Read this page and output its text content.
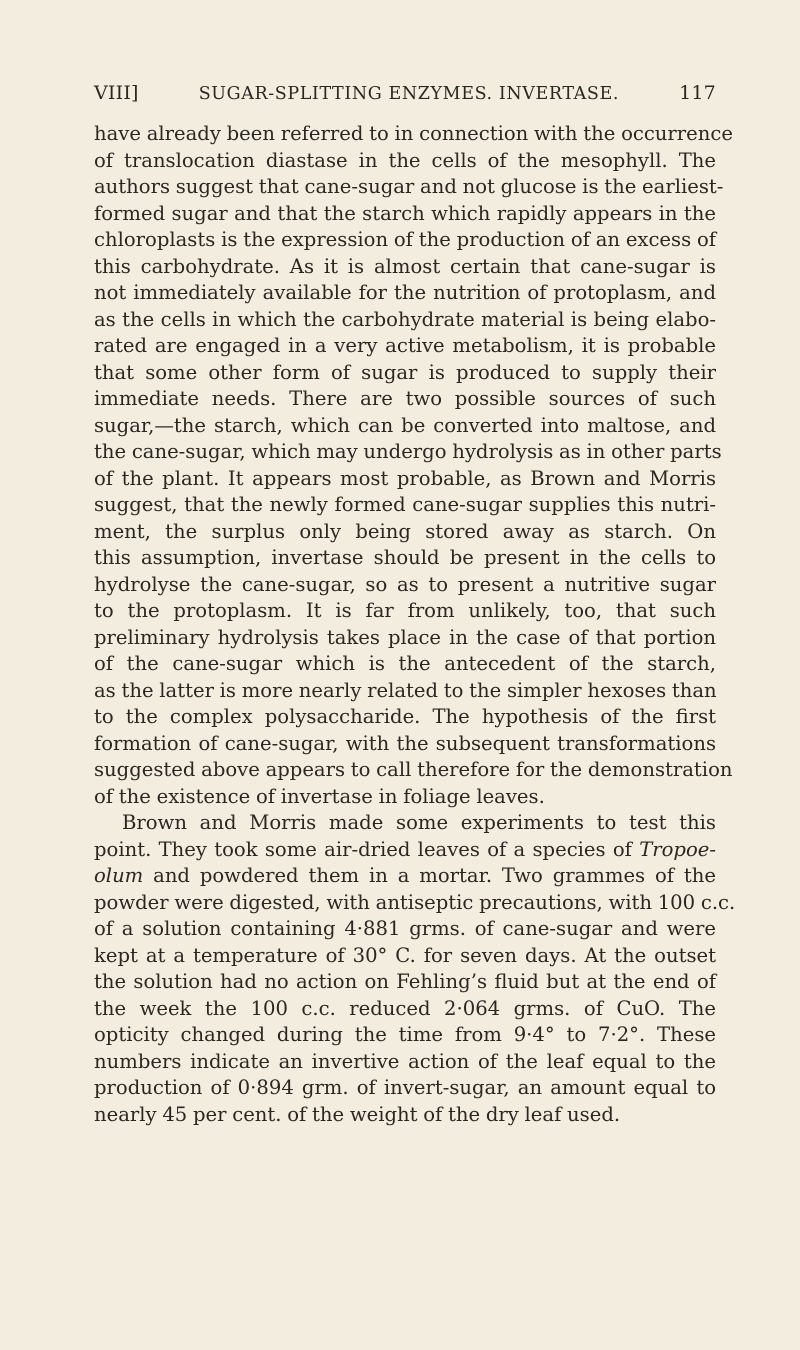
VIII]	SUGAR-SPLITTING ENZYMES. INVERTASE.	117

have already been referred to in connection with the occurrence
of translocation diastase in the cells of the mesophyll. The
authors suggest that cane-sugar and not glucose is the earliest-
formed sugar and that the starch which rapidly appears in the
chloroplasts is the expression of the production of an excess of
this carbohydrate. As it is almost certain that cane-sugar is
not immediately available for the nutrition of protoplasm, and
as the cells in which the carbohydrate material is being elabo-
rated are engaged in a very active metabolism, it is probable
that some other form of sugar is produced to supply their
immediate needs. There are two possible sources of such
sugar,—the starch, which can be converted into maltose, and
the cane-sugar, which may undergo hydrolysis as in other parts
of the plant. It appears most probable, as Brown and Morris
suggest, that the newly formed cane-sugar supplies this nutri-
ment, the surplus only being stored away as starch. On
this assumption, invertase should be present in the cells to
hydrolyse the cane-sugar, so as to present a nutritive sugar
to the protoplasm. It is far from unlikely, too, that such
preliminary hydrolysis takes place in the case of that portion
of the cane-sugar which is the antecedent of the starch,
as the latter is more nearly related to the simpler hexoses than
to the complex polysaccharide. The hypothesis of the first
formation of cane-sugar, with the subsequent transformations
suggested above appears to call therefore for the demonstration
of the existence of invertase in foliage leaves.

Brown and Morris made some experiments to test this
point. They took some air-dried leaves of a species of Tropoe-
olum and powdered them in a mortar. Two grammes of the
powder were digested, with antiseptic precautions, with 100 c.c.
of a solution containing 4·881 grms. of cane-sugar and were
kept at a temperature of 30° C. for seven days. At the outset
the solution had no action on Fehling’s fluid but at the end of
the week the 100 c.c. reduced 2·064 grms. of CuO. The
opticity changed during the time from 9·4° to 7·2°. These
numbers indicate an invertive action of the leaf equal to the
production of 0·894 grm. of invert-sugar, an amount equal to
nearly 45 per cent. of the weight of the dry leaf used.
